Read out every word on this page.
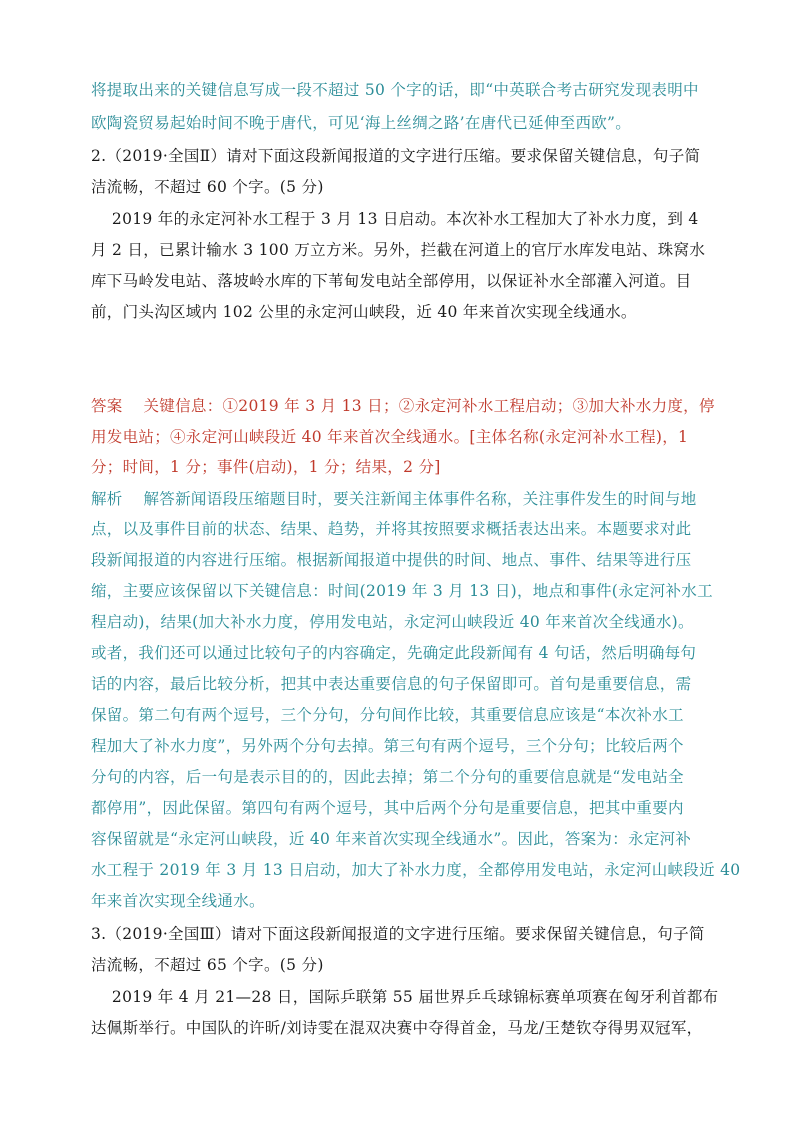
将提取出来的关键信息写成一段不超过 50 个字的话，即“中英联合考古研究发现表明中
欧陶瓷贸易起始时间不晚于唐代，可见‘海上丝绸之路’在唐代已延伸至西欧”。
2.（2019·全国Ⅱ）请对下面这段新闻报道的文字进行压缩。要求保留关键信息，句子简
洁流畅，不超过 60 个字。(5 分)
2019 年的永定河补水工程于 3 月 13 日启动。本次补水工程加大了补水力度，到 4
月 2 日，已累计输水 3 100 万立方米。另外，拦截在河道上的官厅水库发电站、珠窝水
库下马岭发电站、落坡岭水库的下苇甸发电站全部停用，以保证补水全部灌入河道。目
前，门头沟区域内 102 公里的永定河山峡段，近 40 年来首次实现全线通水。
答案    关键信息：①2019 年 3 月 13 日；②永定河补水工程启动；③加大补水力度，停
用发电站；④永定河山峡段近 40 年来首次全线通水。[主体名称(永定河补水工程)，1
分；时间，1 分；事件(启动)，1 分；结果，2 分]
解析    解答新闻语段压缩题目时，要关注新闻主体事件名称，关注事件发生的时间与地
点，以及事件目前的状态、结果、趋势，并将其按照要求概括表达出来。本题要求对此
段新闻报道的内容进行压缩。根据新闻报道中提供的时间、地点、事件、结果等进行压
缩，主要应该保留以下关键信息：时间(2019 年 3 月 13 日)，地点和事件(永定河补水工
程启动)，结果(加大补水力度，停用发电站，永定河山峡段近 40 年来首次全线通水)。
或者，我们还可以通过比较句子的内容确定，先确定此段新闻有 4 句话，然后明确每句
话的内容，最后比较分析，把其中表达重要信息的句子保留即可。首句是重要信息，需
保留。第二句有两个逗号，三个分句，分句间作比较，其重要信息应该是“本次补水工
程加大了补水力度”，另外两个分句去掉。第三句有两个逗号，三个分句；比较后两个
分句的内容，后一句是表示目的的，因此去掉；第二个分句的重要信息就是“发电站全
都停用”，因此保留。第四句有两个逗号，其中后两个分句是重要信息，把其中重要内
容保留就是“永定河山峡段，近 40 年来首次实现全线通水”。因此，答案为：永定河补
水工程于 2019 年 3 月 13 日启动，加大了补水力度，全都停用发电站，永定河山峡段近 40
年来首次实现全线通水。
3.（2019·全国Ⅲ）请对下面这段新闻报道的文字进行压缩。要求保留关键信息，句子简
洁流畅，不超过 65 个字。(5 分)
2019 年 4 月 21—28 日，国际乒联第 55 届世界乒乓球锦标赛单项赛在匈牙利首都布
达佩斯举行。中国队的许昕/刘诗雯在混双决赛中夺得首金，马龙/王楚钦夺得男双冠军，
